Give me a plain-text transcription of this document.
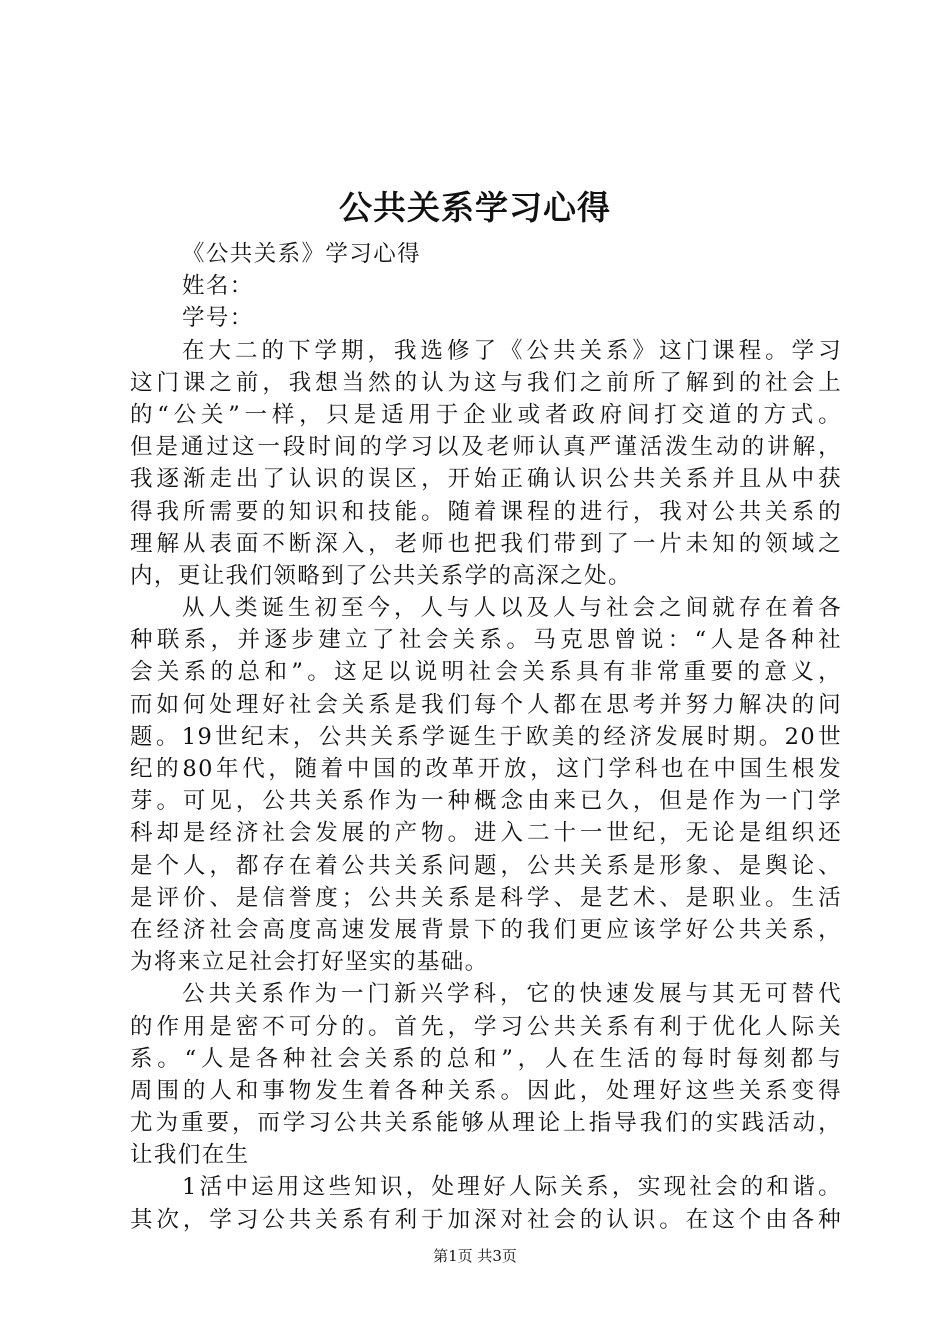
公共关系学习心得
《公共关系》学习心得
姓名：
学号：
在大二的下学期，我选修了《公共关系》这门课程。学习
这门课之前，我想当然的认为这与我们之前所了解到的社会上
的“公关”一样，只是适用于企业或者政府间打交道的方式。
但是通过这一段时间的学习以及老师认真严谨活泼生动的讲解，
我逐渐走出了认识的误区，开始正确认识公共关系并且从中获
得我所需要的知识和技能。随着课程的进行，我对公共关系的
理解从表面不断深入，老师也把我们带到了一片未知的领域之
内，更让我们领略到了公共关系学的高深之处。
从人类诞生初至今，人与人以及人与社会之间就存在着各
种联系，并逐步建立了社会关系。马克思曾说：“人是各种社
会关系的总和”。这足以说明社会关系具有非常重要的意义，
而如何处理好社会关系是我们每个人都在思考并努力解决的问
题。19世纪末，公共关系学诞生于欧美的经济发展时期。20世
纪的80年代，随着中国的改革开放，这门学科也在中国生根发
芽。可见，公共关系作为一种概念由来已久，但是作为一门学
科却是经济社会发展的产物。进入二十一世纪，无论是组织还
是个人，都存在着公共关系问题，公共关系是形象、是舆论、
是评价、是信誉度；公共关系是科学、是艺术、是职业。生活
在经济社会高度高速发展背景下的我们更应该学好公共关系，
为将来立足社会打好坚实的基础。
公共关系作为一门新兴学科，它的快速发展与其无可替代
的作用是密不可分的。首先，学习公共关系有利于优化人际关
系。“人是各种社会关系的总和”，人在生活的每时每刻都与
周围的人和事物发生着各种关系。因此，处理好这些关系变得
尤为重要，而学习公共关系能够从理论上指导我们的实践活动，
让我们在生
1活中运用这些知识，处理好人际关系，实现社会的和谐。
其次，学习公共关系有利于加深对社会的认识。在这个由各种
第1页 共3页
